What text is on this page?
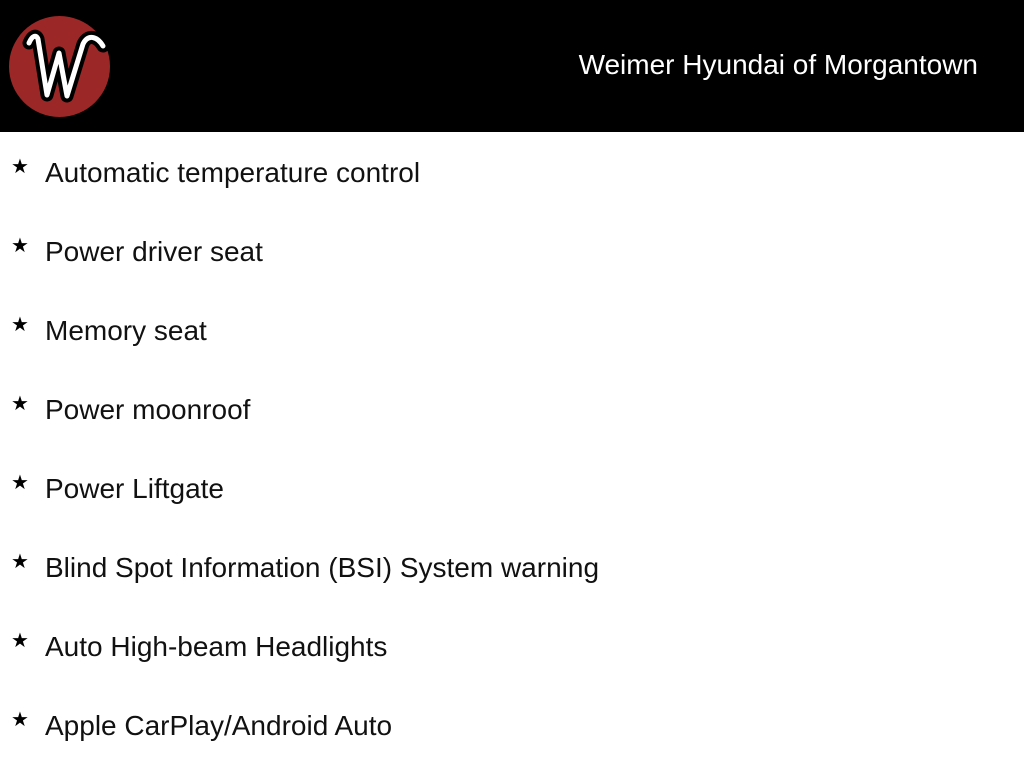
Weimer Hyundai of Morgantown
★ Automatic temperature control
★ Power driver seat
★ Memory seat
★ Power moonroof
★ Power Liftgate
★ Blind Spot Information (BSI) System warning
★ Auto High-beam Headlights
★ Apple CarPlay/Android Auto
